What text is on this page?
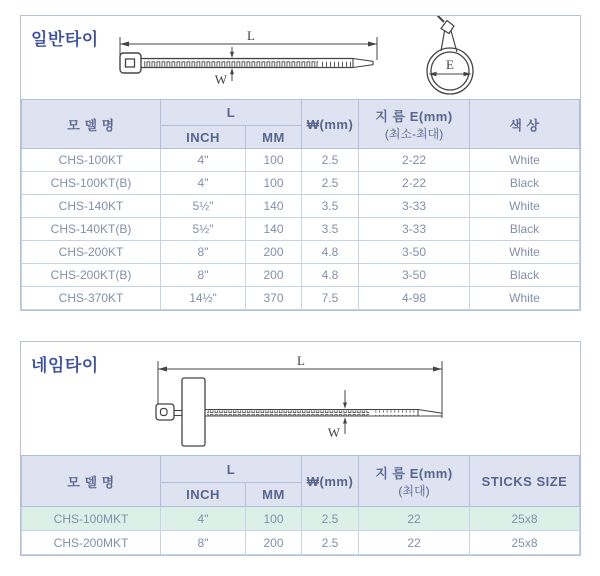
일반타이	L
W
E
모 델 명	L		₩(mm)	지 름 E(mm)
(최소-최대)	색 상
	INCH	MM			
CHS-100KT	4"	100	2.5	2-22	White
CHS-100KT(B)	4"	100	2.5	2-22	Black
CHS-140KT	5½"	140	3.5	3-33	White
CHS-140KT(B)	5½"	140	3.5	3-33	Black
CHS-200KT	8"	200	4.8	3-50	White
CHS-200KT(B)	8"	200	4.8	3-50	Black
CHS-370KT	14½"	370	7.5	4-98	White
네임타이	L
W
모 델 명	L		₩(mm)	지 름 E(mm)
(최대)	STICKS SIZE
	INCH	MM			
CHS-100MKT	4"	100	2.5	22	25x8
CHS-200MKT	8"	200	2.5	22	25x8
